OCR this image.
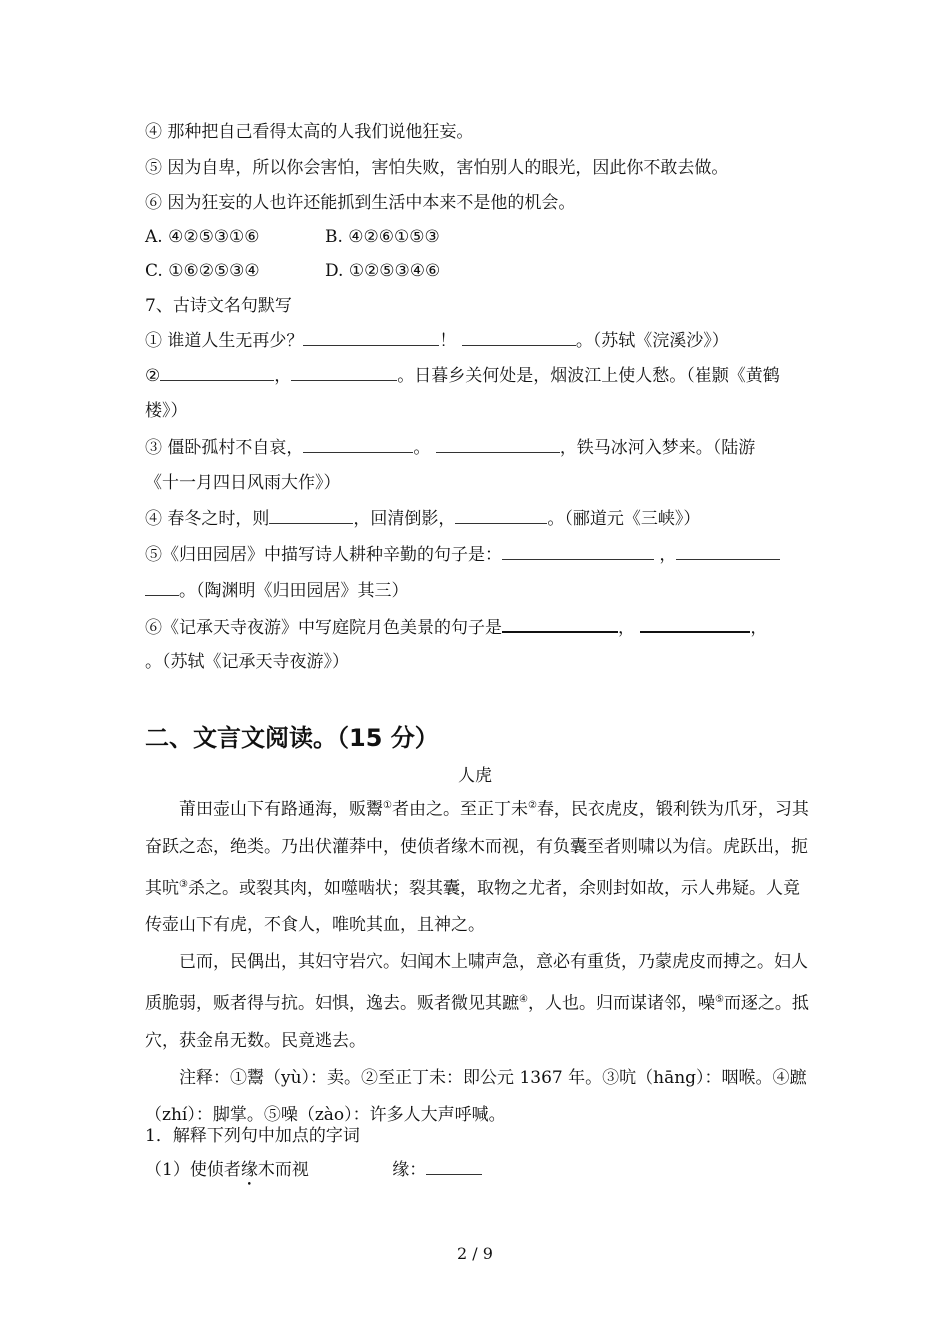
④ 那种把自己看得太高的人我们说他狂妄。
⑤ 因为自卑，所以你会害怕，害怕失败，害怕别人的眼光，因此你不敢去做。
⑥ 因为狂妄的人也许还能抓到生活中本来不是他的机会。
A. ④②⑤③①⑥	B. ④②⑥①⑤③
C. ①⑥②⑤③④	D. ①②⑤③④⑥
7、古诗文名句默写
① 谁道人生无再少？	！	。（苏轼《浣溪沙》）
②	，	。日暮乡关何处是，烟波江上使人愁。（崔颢《黄鹤
楼》）
③ 僵卧孤村不自哀，	。	，铁马冰河入梦来。（陆游
《十一月四日风雨大作》）
④ 春冬之时，则	，回清倒影，	。（郦道元《三峡》）
⑤《归田园居》中描写诗人耕种辛勤的句子是：	，
。（陶渊明《归田园居》其三）
⑥《记承天寺夜游》中写庭院月色美景的句子是	，	，
。（苏轼《记承天寺夜游》）
二、文言文阅读。（15 分）
人虎

莆田壶山下有路通海，贩鬻①者由之。至正丁未②春，民衣虎皮，锻利铁为爪牙，习其奋跃之态，绝类。乃出伏灌莽中，使侦者缘木而视，有负囊至者则啸以为信。虎跃出，扼其吭③杀之。或裂其肉，如噬啮状；裂其囊，取物之尤者，余则封如故，示人弗疑。人竟传壶山下有虎，不食人，唯吮其血，且神之。

已而，民偶出，其妇守岩穴。妇闻木上啸声急，意必有重货，乃蒙虎皮而搏之。妇人质脆弱，贩者得与抗。妇惧，逸去。贩者微见其蹠④，人也。归而谋诸邻，噪⑤而逐之。抵穴，获金帛无数。民竟逃去。

注释：①鬻（yù）：卖。②至正丁未：即公元 1367 年。③吭（hāng）：咽喉。④蹠

（zhí）：脚掌。⑤噪（zào）：许多人大声呼喊。

1．解释下列句中加点的字词
（1）使侦者缘木而视	缘：
2 / 9
